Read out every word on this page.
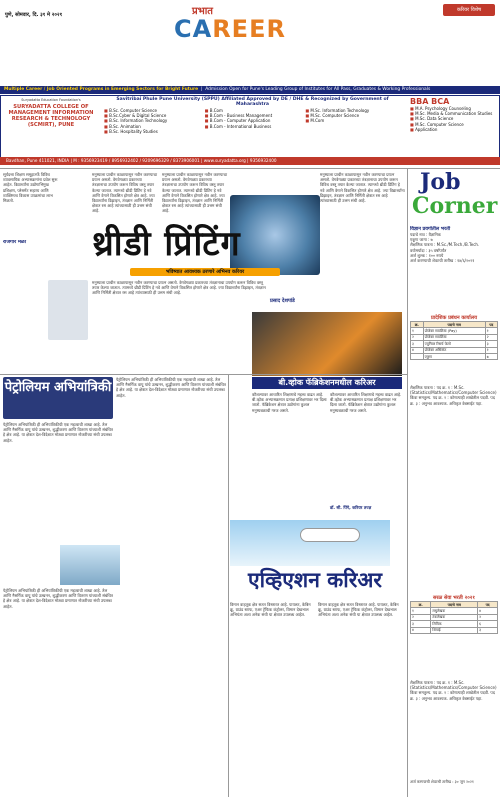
पुणे, सोमवार, दि. ३१ मे २०२१	प्रभात
CAREER
करियर विशेष
Multiple Career / Job Oriented Programs in Emerging Sectors for Bright Future  |  Admission Open for Pune's Leading Group of Institutes for All Pass, Graduates & Working Professionals
Suryadatta Education Foundation's
SURYADATTA COLLEGE OF MANAGEMENT INFORMATION RESEARCH & TECHNOLOGY (SCMIRT), PUNE
Savitribai Phule Pune University (SPPU) Affiliated Approved by DE / DHE & Recognized by Government of Maharashtra
■ B.Sc. Computer Science
■ B.Sc.Cyber & Digital Science
■ B.Sc. Information Technology
■ B.Sc. Animation
■ B.Sc. Hospitality Studies
■ B.Com
■ B.Com - Business Management
■ B.Com - Computer Application
■ B.Com - International Business
■ M.Sc. Information Technology
■ M.Sc. Computer Science
■ M.Com
BBA BCA
■ M.A. Psychology Counseling
■ M.Sc. Media & Communication Studies
■ M.Sc. Data Science
■ M.Sc. Computer Science
■ Application
Bavdhan, Pune 411021, INDIA | M : 9356923419 / 8956932402 / 9209696329 / 8373906001 | www.suryadatta.org | 9356932400
सूर्यदत्ता शिक्षण समूहातर्फे विविध व्यावसायिक अभ्यासक्रमांना प्रवेश सुरू आहेत. विद्यार्थ्यांना उद्योगाभिमुख प्रशिक्षण, प्लेसमेंट सहाय्य आणि व्यक्तिमत्व विकास उपक्रमांचा लाभ मिळतो.
रोजगार मेळा
मनुष्याला प्राचीन काळापासून नवीन करण्याचा प्रयत्न असतो. वेगवेगळ्या प्रकारच्या तंत्रज्ञानाचा उपयोग करून विविध वस्तू तयार केल्या जातात. त्यामध्ये थ्रीडी प्रिंटिंग हे नवे आणि वेगाने विकसित होणारे क्षेत्र आहे. ज्या विद्यार्थ्यांना डिझाइन, तंत्रज्ञान आणि निर्मिती क्षेत्रात रस आहे त्यांच्यासाठी ही उत्तम संधी आहे.
मनुष्याला प्राचीन काळापासून नवीन करण्याचा प्रयत्न असतो. वेगवेगळ्या प्रकारच्या तंत्रज्ञानाचा उपयोग करून विविध वस्तू तयार केल्या जातात. त्यामध्ये थ्रीडी प्रिंटिंग हे नवे आणि वेगाने विकसित होणारे क्षेत्र आहे. ज्या विद्यार्थ्यांना डिझाइन, तंत्रज्ञान आणि निर्मिती क्षेत्रात रस आहे त्यांच्यासाठी ही उत्तम संधी आहे.
थ्रीडी प्रिंटिंग
भविष्यात आवश्यक ठरणारे अभिनव करियर
मनुष्याला प्राचीन काळापासून नवीन करण्याचा प्रयत्न असतो. वेगवेगळ्या प्रकारच्या तंत्रज्ञानाचा उपयोग करून विविध वस्तू तयार केल्या जातात. त्यामध्ये थ्रीडी प्रिंटिंग हे नवे आणि वेगाने विकसित होणारे क्षेत्र आहे. ज्या विद्यार्थ्यांना डिझाइन, तंत्रज्ञान आणि निर्मिती क्षेत्रात रस आहे त्यांच्यासाठी ही उत्तम संधी आहे.
प्रसाद देशपांडे
मनुष्याला प्राचीन काळापासून नवीन करण्याचा प्रयत्न असतो. वेगवेगळ्या प्रकारच्या तंत्रज्ञानाचा उपयोग करून विविध वस्तू तयार केल्या जातात. त्यामध्ये थ्रीडी प्रिंटिंग हे नवे आणि वेगाने विकसित होणारे क्षेत्र आहे. ज्या विद्यार्थ्यांना डिझाइन, तंत्रज्ञान आणि निर्मिती क्षेत्रात रस आहे त्यांच्यासाठी ही उत्तम संधी आहे.
Job
Corner
विज्ञान प्रवर्गातील भरती
पदाचे नाव : वैज्ञानिक
एकूण जागा : ७
शैक्षणिक पात्रता : M.Sc./M.Tech./B.Tech.
वयोमर्यादा : ३५ वर्षांपर्यंत
अर्ज शुल्क : १०० रुपये
अर्ज करण्याची शेवटची तारीख : १४/६/२०२१
प्रादेशिक प्रबंधन कार्यालय
क्र.	पदाचे नाव	पद
१	प्रोजेक्ट सायंटिस्ट (Pay)	१
२	प्रोजेक्ट सायंटिस्ट	२
३	ज्युनियर रिसर्च फेलो	३
४	प्रोजेक्ट असिस्टंट	१
	एकूण	७
शैक्षणिक पात्रता : पद क्र. १ : M.Sc. (Statistics/Mathematics/Computer Science) किंवा समतुल्य. पद क्र. २ : कोणत्याही शाखेतील पदवी. पद क्र. ३ : अनुभव आवश्यक. अधिकृत वेबसाईट पहा.
सरळ सेवा भरती २०२१
क्र.	पदाचे नाव	पद
१	लघुलेखक	४
२	टंकलेखक	२
३	लिपिक	६
४	शिपाई	३
शैक्षणिक पात्रता : पद क्र. १ : M.Sc. (Statistics/Mathematics/Computer Science) किंवा समतुल्य. पद क्र. २ : कोणत्याही शाखेतील पदवी. पद क्र. ३ : अनुभव आवश्यक. अधिकृत वेबसाईट पहा.
अर्ज करण्याची शेवटची तारीख : ३० जून २०२१
पेट्रोलियम अभियांत्रिकी
पेट्रोलियम अभियांत्रिकी ही अभियांत्रिकीची एक महत्वाची शाखा आहे. तेल आणि नैसर्गिक वायू यांचे उत्खनन, शुद्धीकरण आणि वितरण यांच्याशी संबंधित हे क्षेत्र आहे. या क्षेत्रात देश-विदेशात मोठ्या प्रमाणात नोकरीच्या संधी उपलब्ध आहेत.
पेट्रोलियम अभियांत्रिकी ही अभियांत्रिकीची एक महत्वाची शाखा आहे. तेल आणि नैसर्गिक वायू यांचे उत्खनन, शुद्धीकरण आणि वितरण यांच्याशी संबंधित हे क्षेत्र आहे. या क्षेत्रात देश-विदेशात मोठ्या प्रमाणात नोकरीच्या संधी उपलब्ध आहेत.
पेट्रोलियम अभियांत्रिकी ही अभियांत्रिकीची एक महत्वाची शाखा आहे. तेल आणि नैसर्गिक वायू यांचे उत्खनन, शुद्धीकरण आणि वितरण यांच्याशी संबंधित हे क्षेत्र आहे. या क्षेत्रात देश-विदेशात मोठ्या प्रमाणात नोकरीच्या संधी उपलब्ध आहेत.
बी.व्होक फॅब्रिकेशनमधील करिअर
कौशल्यावर आधारित शिक्षणाचे महत्त्व वाढत आहे. बी.व्होक अभ्यासक्रमात प्रत्यक्ष प्रशिक्षणावर भर दिला जातो. फॅब्रिकेशन क्षेत्रात उद्योगांना कुशल मनुष्यबळाची गरज असते.
कौशल्यावर आधारित शिक्षणाचे महत्त्व वाढत आहे. बी.व्होक अभ्यासक्रमात प्रत्यक्ष प्रशिक्षणावर भर दिला जातो. फॅब्रिकेशन क्षेत्रात उद्योगांना कुशल मनुष्यबळाची गरज असते.
एव्हिएशन करिअर
विमान वाहतूक क्षेत्र सतत विस्तारत आहे. पायलट, केबिन क्रू, ग्राउंड स्टाफ, एअर ट्रॅफिक कंट्रोलर, विमान देखभाल अभियंता अशा अनेक संधी या क्षेत्रात उपलब्ध आहेत.
विमान वाहतूक क्षेत्र सतत विस्तारत आहे. पायलट, केबिन क्रू, ग्राउंड स्टाफ, एअर ट्रॅफिक कंट्रोलर, विमान देखभाल अभियंता अशा अनेक संधी या क्षेत्रात उपलब्ध आहेत.
डॉ. सी. पिंगे, करियर तज्ज्ञ
